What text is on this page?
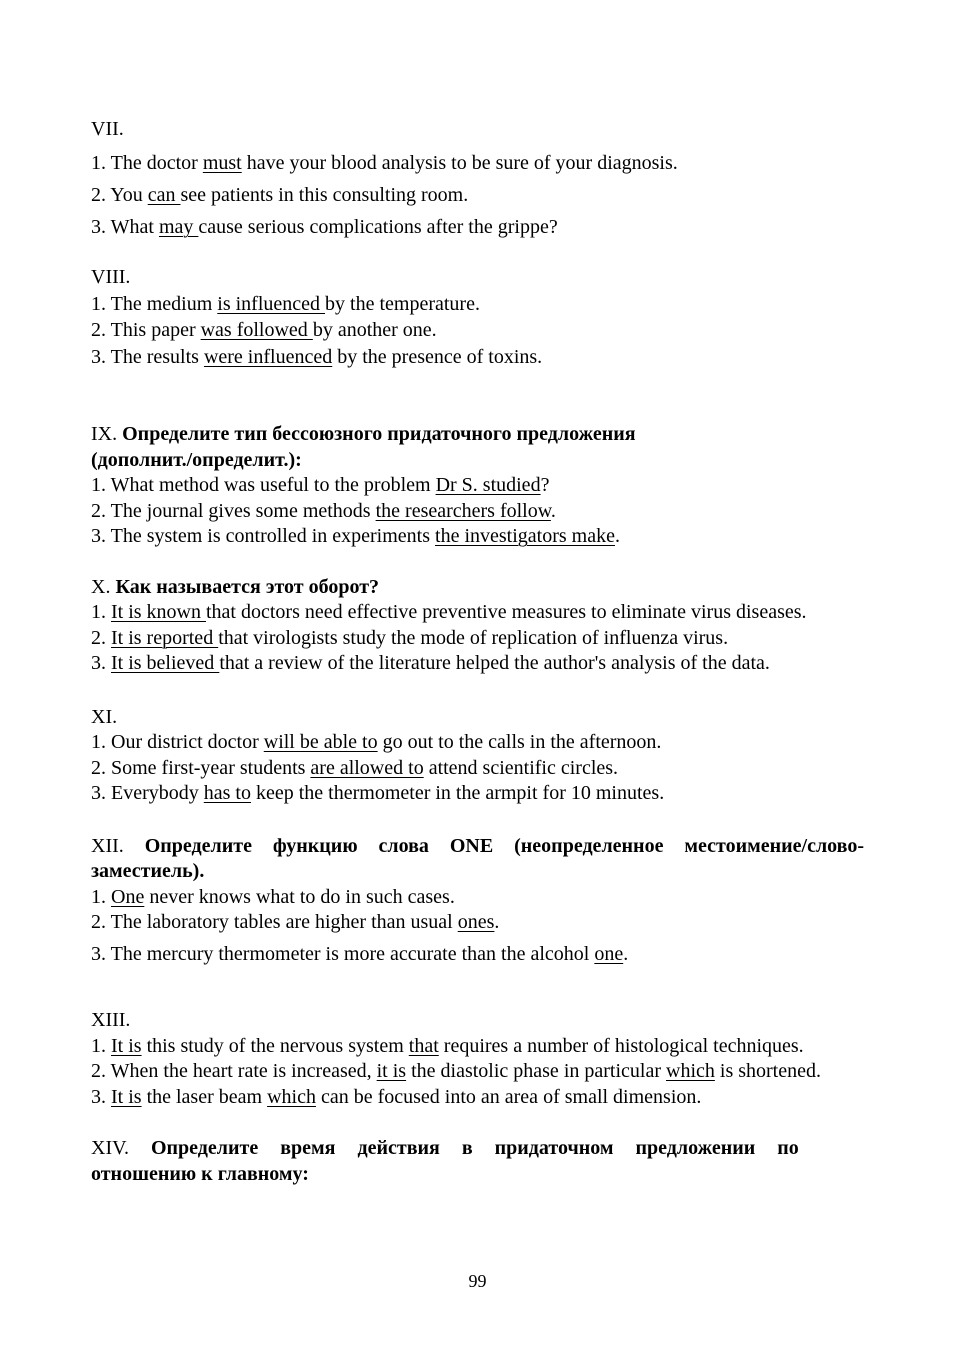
VII.

1. The doctor must have your blood analysis to be sure of your diagnosis.

2. You can see patients in this consulting room.

3. What may cause serious complications after the grippe?

VIII.

1. The medium is influenced by the temperature.

2. This paper was followed by another one.

3. The results were influenced by the presence of toxins.

IX. Определите тип бессоюзного придаточного предложения

(дополнит./определит.):

1. What method was useful to the problem Dr S. studied?

2. The journal gives some methods the researchers follow.

3. The system is controlled in experiments the investigators make.

X. Как называется этот оборот?

1. It is known that doctors need effective preventive measures to eliminate virus diseases.

2. It is reported that virologists study the mode of replication of influenza virus.

3. It is believed that a review of the literature helped the author's analysis of the data.

XI.

1. Our district doctor will be able to go out to the calls in the afternoon.

2. Some first-year students are allowed to attend scientific circles.

3. Everybody has to keep the thermometer in the armpit for 10 minutes.

XII. Определите функцию слова ONE (неопределенное местоимение/слово-заместиель).

1. One never knows what to do in such cases.

2. The laboratory tables are higher than usual ones.

3. The mercury thermometer is more accurate than the alcohol one.

XIII.

1. It is this study of the nervous system that requires a number of histological techniques.

2. When the heart rate is increased, it is the diastolic phase in particular which is shortened.

3. It is the laser beam which can be focused into an area of small dimension.

XIV. Определите время действия в придаточном предложении по

отношению к главному:

99
